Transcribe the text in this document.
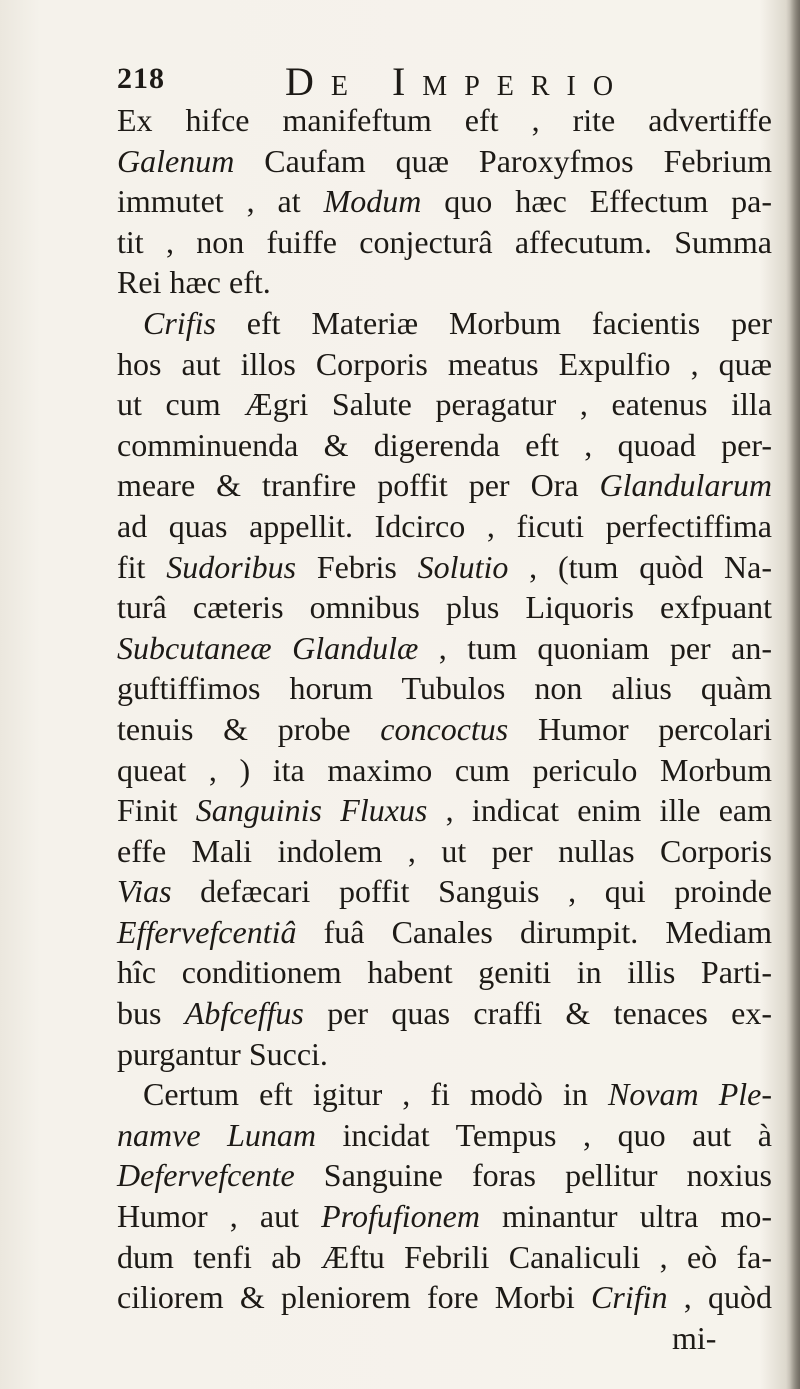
218	De Imperio
Ex hifce manifeftum eft , rite advertiffe
Galenum Caufam quæ Paroxyfmos Febrium
immutet , at Modum quo hæc Effectum pa-
tit , non fuiffe conjecturâ affecutum. Summa
Rei hæc eft.
Crifis eft Materiæ Morbum facientis per
hos aut illos Corporis meatus Expulfio , quæ
ut cum Ægri Salute peragatur , eatenus illa
comminuenda & digerenda eft , quoad per-
meare & tranfire poffit per Ora Glandularum
ad quas appellit. Idcirco , ficuti perfectiffima
fit Sudoribus Febris Solutio , (tum quòd Na-
turâ cæteris omnibus plus Liquoris exfpuant
Subcutaneæ Glandulæ , tum quoniam per an-
guftiffimos horum Tubulos non alius quàm
tenuis & probe concoctus Humor percolari
queat , ) ita maximo cum periculo Morbum
Finit Sanguinis Fluxus , indicat enim ille eam
effe Mali indolem , ut per nullas Corporis
Vias defæcari poffit Sanguis , qui proinde
Effervefcentiâ fuâ Canales dirumpit. Mediam
hîc conditionem habent geniti in illis Parti-
bus Abfceffus per quas craffi & tenaces ex-
purgantur Succi.
Certum eft igitur , fi modò in Novam Ple-
namve Lunam incidat Tempus , quo aut à
Defervefcente Sanguine foras pellitur noxius
Humor , aut Profufionem minantur ultra mo-
dum tenfi ab Æftu Febrili Canaliculi , eò fa-
ciliorem & pleniorem fore Morbi Crifin , quòd
mi-
